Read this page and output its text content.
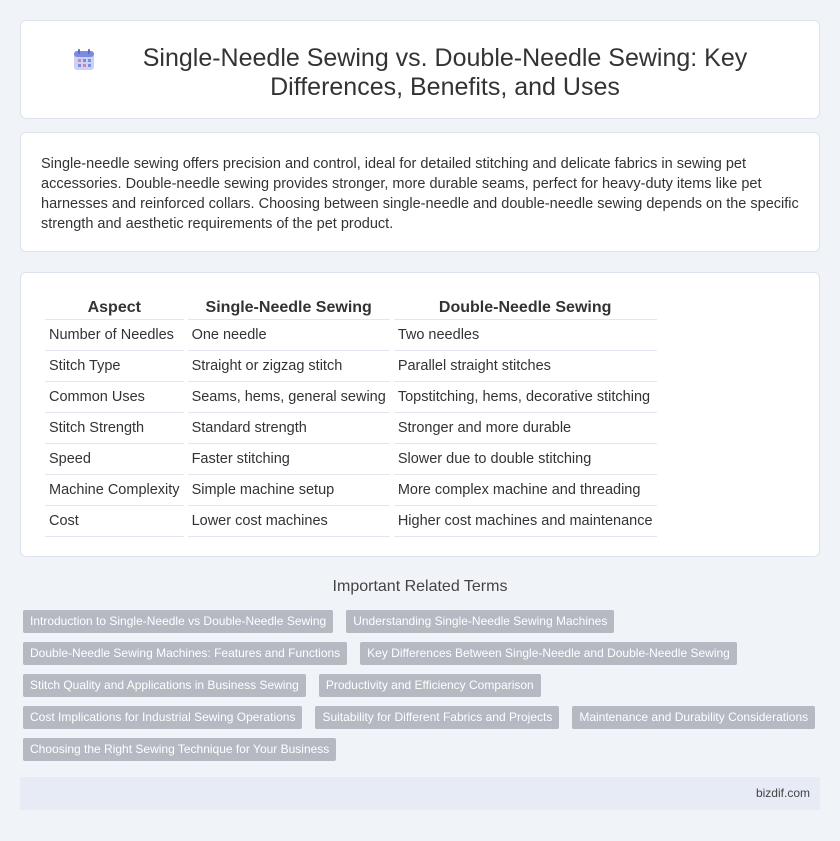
Single-Needle Sewing vs. Double-Needle Sewing: Key Differences, Benefits, and Uses

Single-needle sewing offers precision and control, ideal for detailed stitching and delicate fabrics in sewing pet accessories. Double-needle sewing provides stronger, more durable seams, perfect for heavy-duty items like pet harnesses and reinforced collars. Choosing between single-needle and double-needle sewing depends on the specific strength and aesthetic requirements of the pet product.

Aspect	Single-Needle Sewing	Double-Needle Sewing
Number of Needles	One needle	Two needles
Stitch Type	Straight or zigzag stitch	Parallel straight stitches
Common Uses	Seams, hems, general sewing	Topstitching, hems, decorative stitching
Stitch Strength	Standard strength	Stronger and more durable
Speed	Faster stitching	Slower due to double stitching
Machine Complexity	Simple machine setup	More complex machine and threading
Cost	Lower cost machines	Higher cost machines and maintenance
Important Related Terms
Introduction to Single-Needle vs Double-Needle Sewing	Understanding Single-Needle Sewing Machines
Double-Needle Sewing Machines: Features and Functions	Key Differences Between Single-Needle and Double-Needle Sewing
Stitch Quality and Applications in Business Sewing	Productivity and Efficiency Comparison
Cost Implications for Industrial Sewing Operations	Suitability for Different Fabrics and Projects	Maintenance and Durability Considerations
Choosing the Right Sewing Technique for Your Business
bizdif.com
